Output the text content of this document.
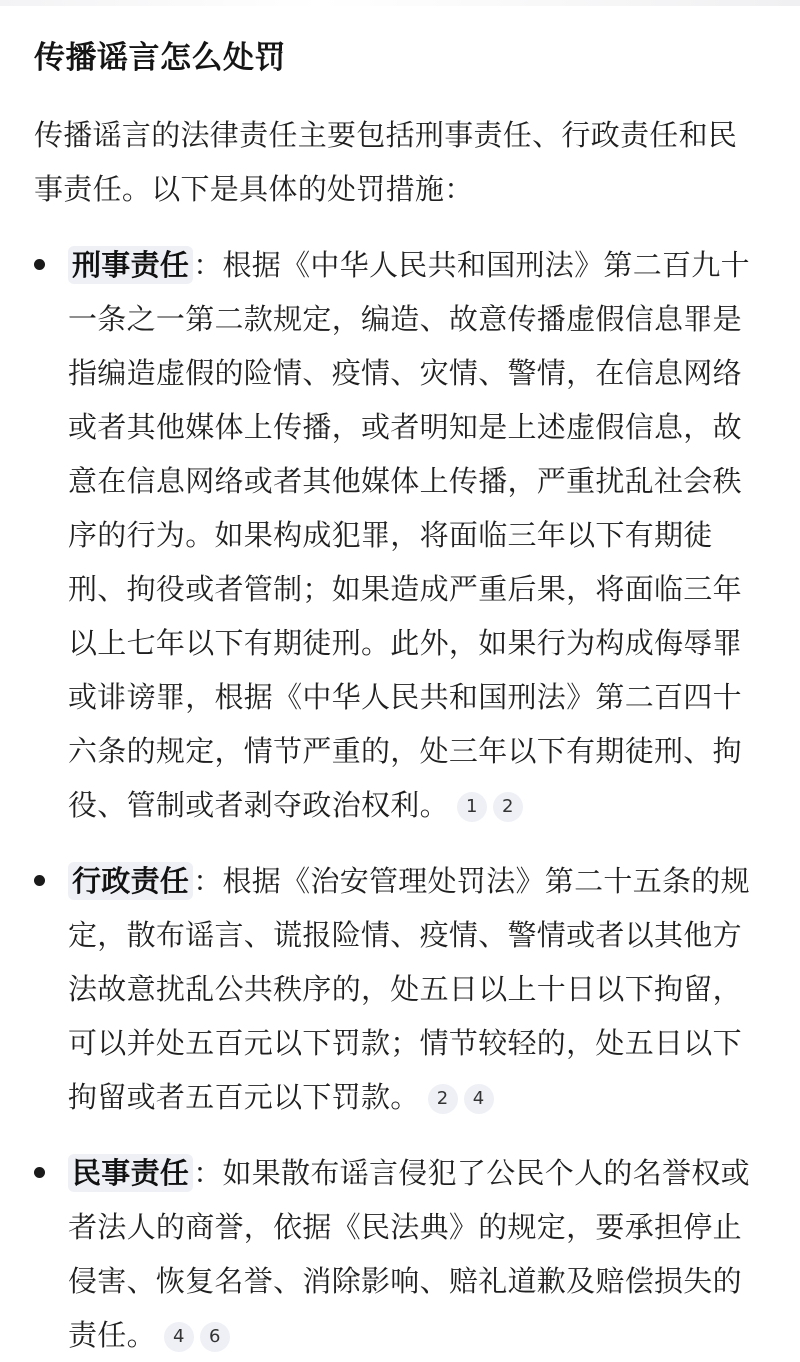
传播谣言怎么处罚

传播谣言的法律责任主要包括刑事责任、行政责任和民事责任。以下是具体的处罚措施：

刑事责任 ：根据《中华人民共和国刑法》第二百九十一条之一第二款规定，编造、故意传播虚假信息罪是指编造虚假的险情、疫情、灾情、警情，在信息网络或者其他媒体上传播，或者明知是上述虚假信息，故意在信息网络或者其他媒体上传播，严重扰乱社会秩序的行为。如果构成犯罪，将面临三年以下有期徒刑、拘役或者管制；如果造成严重后果，将面临三年以上七年以下有期徒刑。此外，如果行为构成侮辱罪或诽谤罪，根据《中华人民共和国刑法》第二百四十六条的规定，情节严重的，处三年以下有期徒刑、拘役、管制或者剥夺政治权利。 1	2
行政责任 ：根据《治安管理处罚法》第二十五条的规定，散布谣言、谎报险情、疫情、警情或者以其他方法故意扰乱公共秩序的，处五日以上十日以下拘留，可以并处五百元以下罚款；情节较轻的，处五日以下拘留或者五百元以下罚款。 2	4
民事责任 ：如果散布谣言侵犯了公民个人的名誉权或者法人的商誉，依据《民法典》的规定，要承担停止侵害、恢复名誉、消除影响、赔礼道歉及赔偿损失的责任。 4	6
